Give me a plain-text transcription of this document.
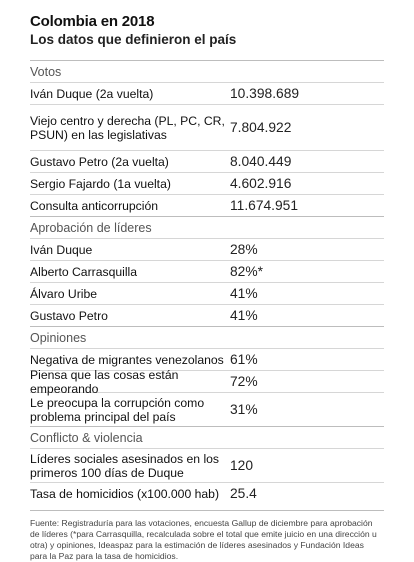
Colombia en 2018
Los datos que definieron el país
Votos
Iván Duque (2a vuelta)	10.398.689
Viejo centro y derecha (PL, PC, CR, PSUN) en las legislativas	7.804.922
Gustavo Petro (2a vuelta)	8.040.449
Sergio Fajardo (1a vuelta)	4.602.916
Consulta anticorrupción	11.674.951
Aprobación de líderes
Iván Duque	28%
Alberto Carrasquilla	82%*
Álvaro Uribe	41%
Gustavo Petro	41%
Opiniones
Negativa de migrantes venezolanos 61%
Piensa que las cosas están empeorando	72%
Le preocupa la corrupción como problema principal del país	31%
Conflicto & violencia
Líderes sociales asesinados en los primeros 100 días de Duque	120
Tasa de homicidios (x100.000 hab) 25.4
Fuente: Registraduría para las votaciones, encuesta Gallup de diciembre para aprobación de líderes (*para Carrasquilla, recalculada sobre el total que emite juicio en una dirección u otra) y opiniones, Ideaspaz para la estimación de líderes asesinados y Fundación Ideas para la Paz para la tasa de homicidios.
